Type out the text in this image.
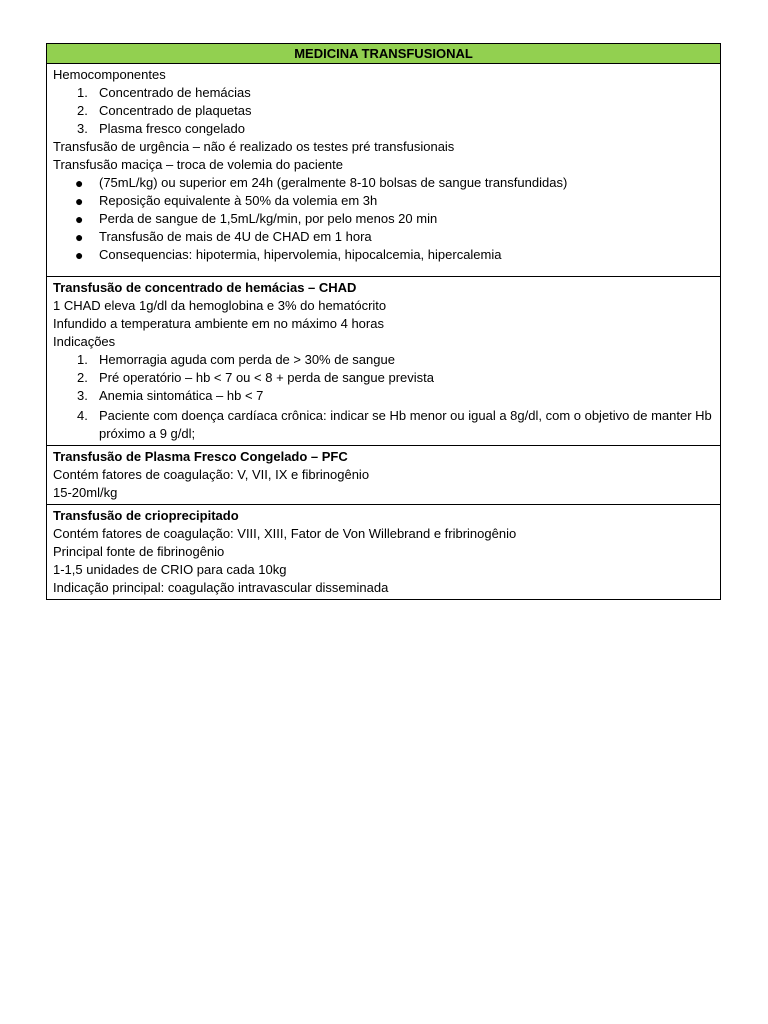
MEDICINA TRANSFUSIONAL

Hemocomponentes
1. Concentrado de hemácias
2. Concentrado de plaquetas
3. Plasma fresco congelado
Transfusão de urgência – não é realizado os testes pré transfusionais
Transfusão maciça – troca de volemia do paciente
● (75mL/kg) ou superior em 24h (geralmente 8-10 bolsas de sangue transfundidas)
● Reposição equivalente à 50% da volemia em 3h
● Perda de sangue de 1,5mL/kg/min, por pelo menos 20 min
● Transfusão de mais de 4U de CHAD em 1 hora
● Consequencias: hipotermia, hipervolemia, hipocalcemia, hipercalemia

Transfusão de concentrado de hemácias – CHAD
1 CHAD eleva 1g/dl da hemoglobina e 3% do hematócrito
Infundido a temperatura ambiente em no máximo 4 horas
Indicações
1. Hemorragia aguda com perda de > 30% de sangue
2. Pré operatório – hb < 7 ou < 8 + perda de sangue prevista
3. Anemia sintomática – hb < 7
4. Paciente com doença cardíaca crônica: indicar se Hb menor ou igual a 8g/dl, com o objetivo de manter Hb próximo a 9 g/dl;

Transfusão de Plasma Fresco Congelado – PFC
Contém fatores de coagulação: V, VII, IX e fibrinogênio
15-20ml/kg

Transfusão de crioprecipitado
Contém fatores de coagulação: VIII, XIII, Fator de Von Willebrand e fribrinogênio
Principal fonte de fibrinogênio
1-1,5 unidades de CRIO para cada 10kg
Indicação principal: coagulação intravascular disseminada
